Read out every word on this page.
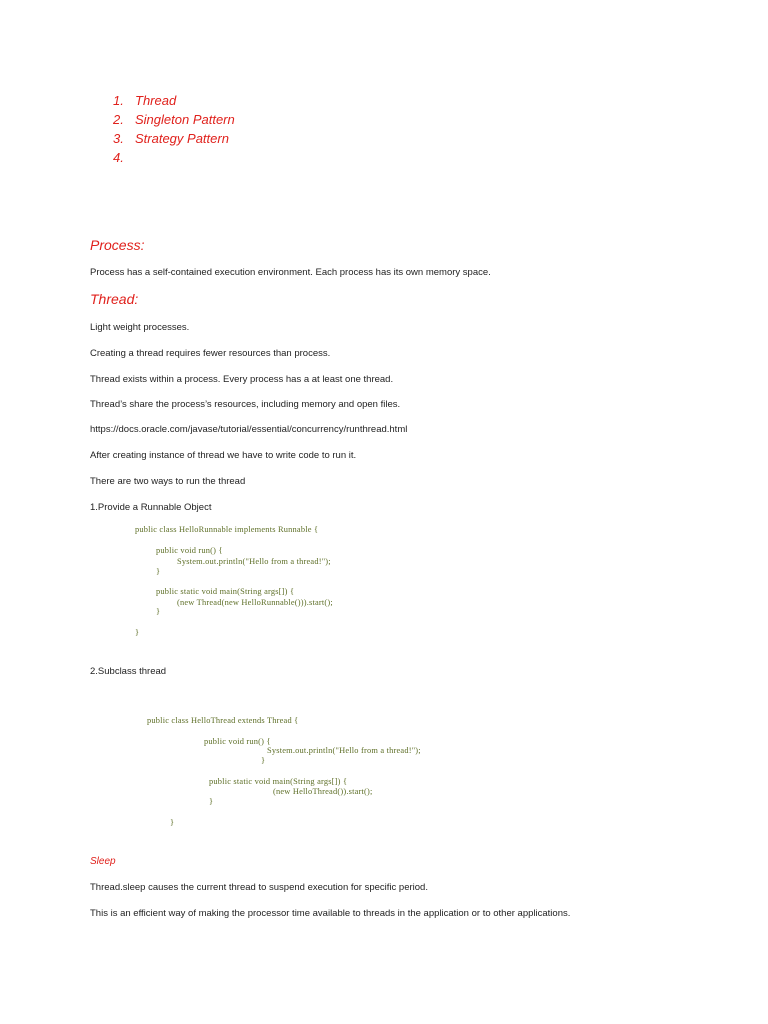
1. Thread
2. Singleton Pattern
3. Strategy Pattern
4.
Process:
Process has a self-contained execution environment. Each process has its own memory space.
Thread:
Light weight processes.
Creating a thread requires fewer resources than process.
Thread exists within a process. Every process has a at least one thread.
Thread’s share the process’s resources, including memory and open files.
https://docs.oracle.com/javase/tutorial/essential/concurrency/runthread.html
After creating instance of thread we have to write code to run it.
There are two ways to run the thread
1.Provide a Runnable Object
public class HelloRunnable implements Runnable {
public void run() {
System.out.println("Hello from a thread!");
}
public static void main(String args[]) {
(new Thread(new HelloRunnable())).start();
}
}
2.Subclass thread
public class HelloThread extends Thread {
public void run() {
System.out.println("Hello from a thread!");
}
public static void main(String args[]) {
(new HelloThread()).start();
}
}
Sleep
Thread.sleep causes the current thread to suspend execution for specific period.
This is an efficient way of making the processor time available to threads in the application or to other applications.
